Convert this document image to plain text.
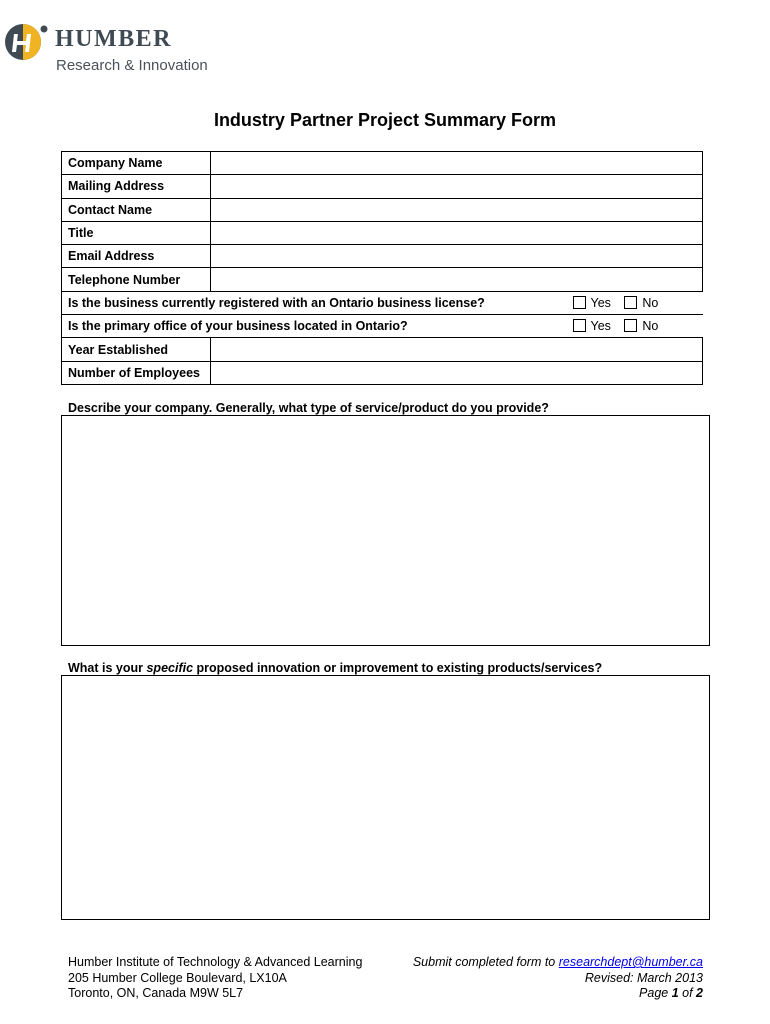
HUMBER
Research & Innovation
Industry Partner Project Summary Form
Company Name	
Mailing Address	
Contact Name	
Title	
Email Address	
Telephone Number	

Is the business currently registered with an Ontario business license? Yes No	

Is the primary office of your business located in Ontario? Yes No	

Year Established	
Number of Employees	
Describe your company. Generally, what type of service/product do you provide?
What is your specific proposed innovation or improvement to existing products/services?
Humber Institute of Technology & Advanced Learning
205 Humber College Boulevard, LX10A
Toronto, ON, Canada M9W 5L7
Submit completed form to researchdept@humber.ca
Revised: March 2013
Page 1 of 2
